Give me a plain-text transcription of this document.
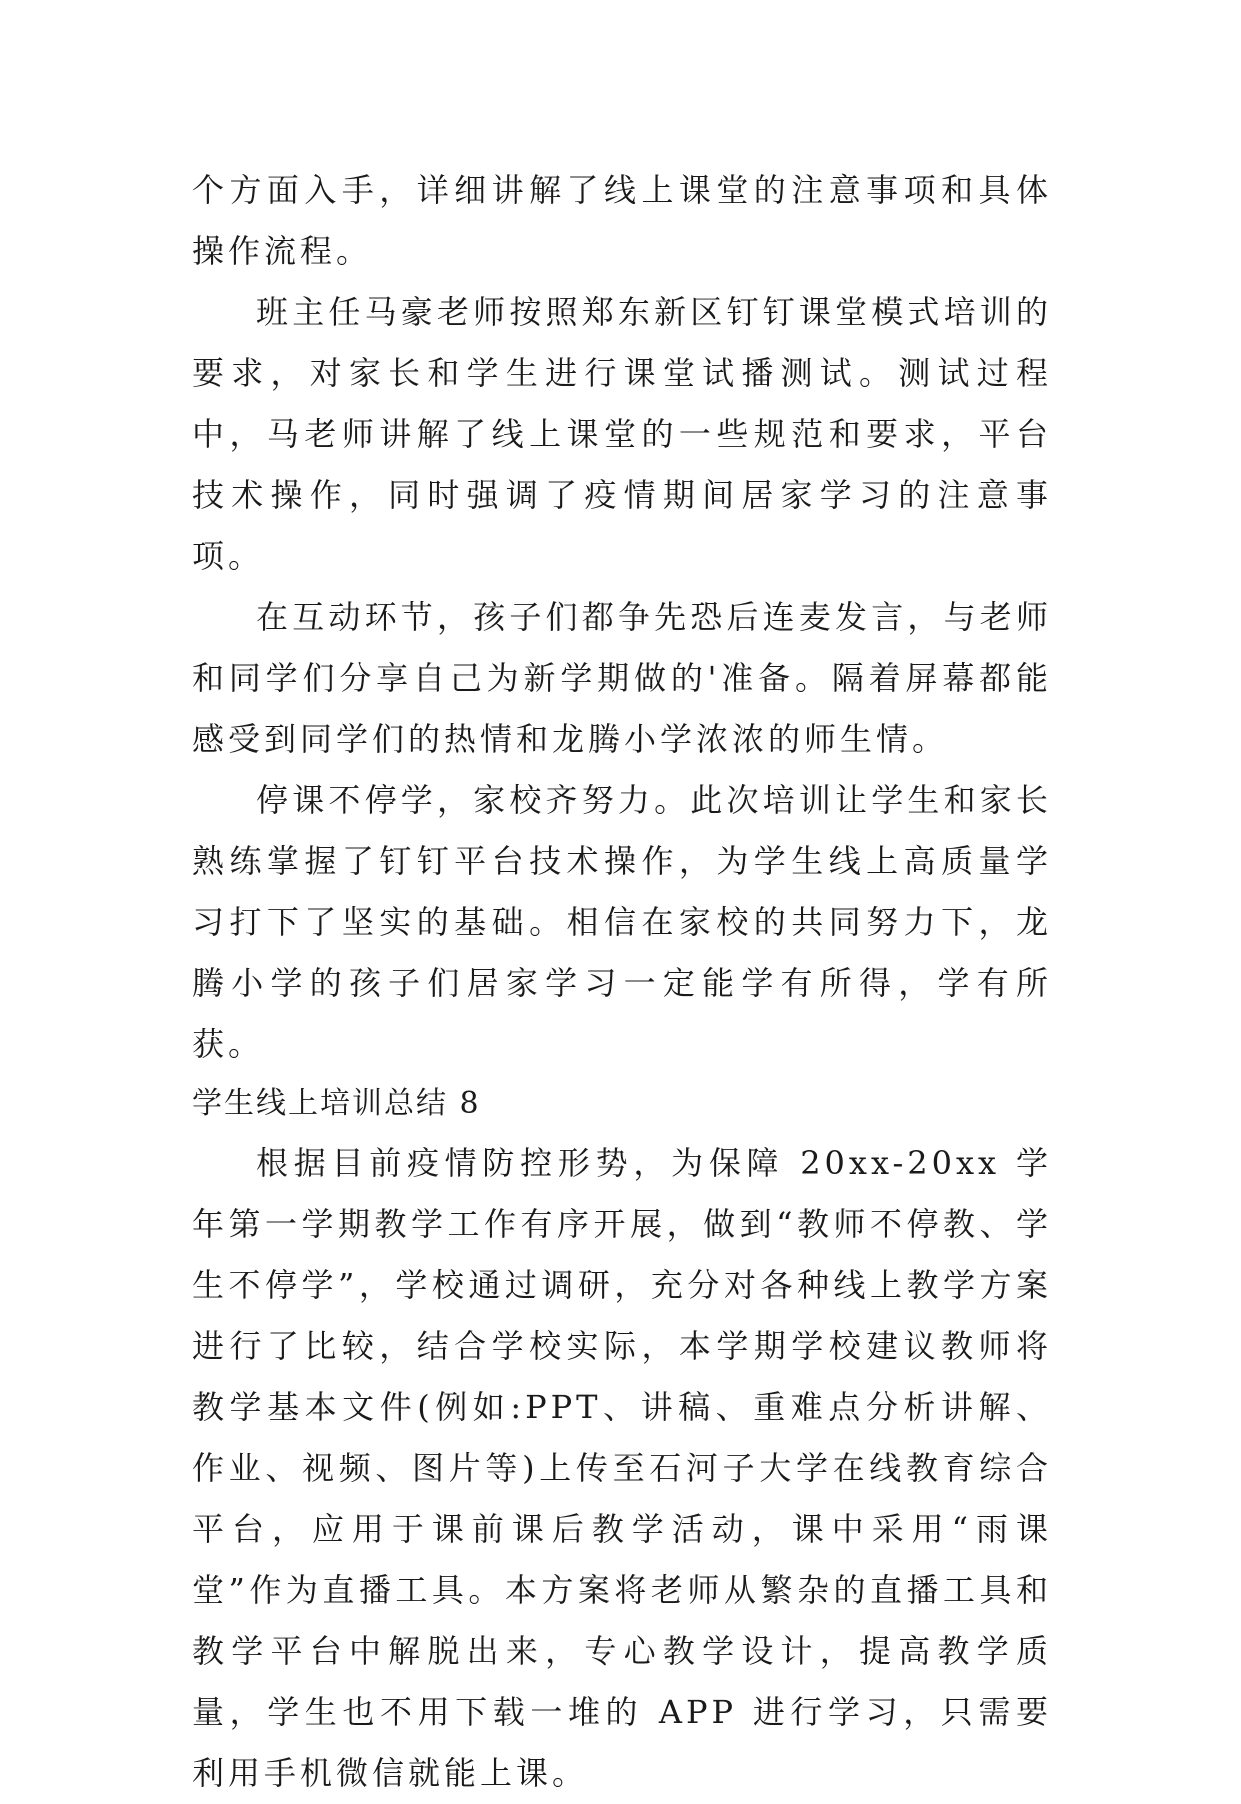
个方面入手，详细讲解了线上课堂的注意事项和具体操作流程。

班主任马豪老师按照郑东新区钉钉课堂模式培训的要求，对家长和学生进行课堂试播测试。测试过程中，马老师讲解了线上课堂的一些规范和要求，平台技术操作，同时强调了疫情期间居家学习的注意事项。

在互动环节，孩子们都争先恐后连麦发言，与老师和同学们分享自己为新学期做的'准备。隔着屏幕都能感受到同学们的热情和龙腾小学浓浓的师生情。

停课不停学，家校齐努力。此次培训让学生和家长熟练掌握了钉钉平台技术操作，为学生线上高质量学习打下了坚实的基础。相信在家校的共同努力下，龙腾小学的孩子们居家学习一定能学有所得，学有所获。

学生线上培训总结 8

根据目前疫情防控形势，为保障 20xx-20xx 学年第一学期教学工作有序开展，做到“教师不停教、学生不停学”，学校通过调研，充分对各种线上教学方案进行了比较，结合学校实际，本学期学校建议教师将教学基本文件(例如:PPT、讲稿、重难点分析讲解、作业、视频、图片等)上传至石河子大学在线教育综合平台，应用于课前课后教学活动，课中采用“雨课堂”作为直播工具。本方案将老师从繁杂的直播工具和教学平台中解脱出来，专心教学设计，提高教学质量，学生也不用下载一堆的 APP 进行学习，只需要利用手机微信就能上课。
